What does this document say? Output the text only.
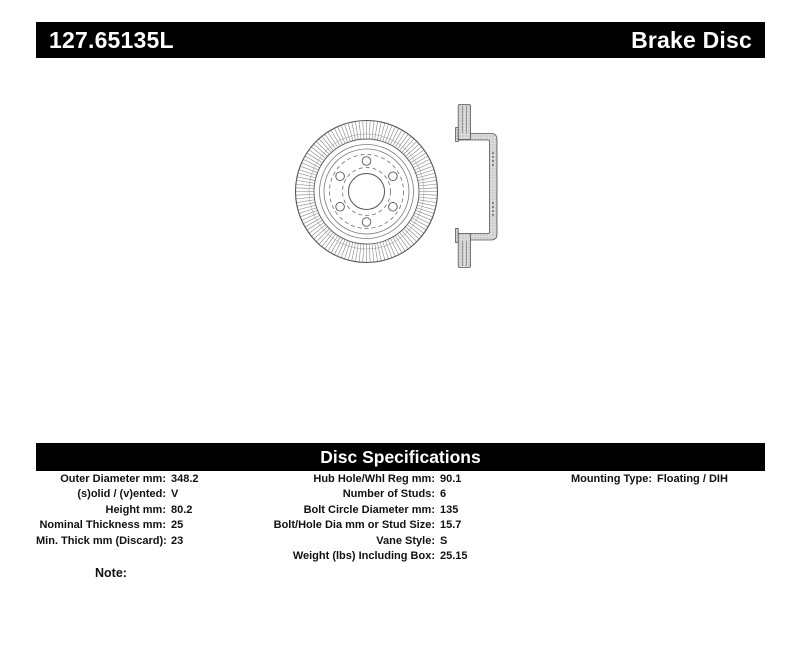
127.65135L	Brake Disc
Disc Specifications
Outer Diameter mm: 348.2
(s)olid / (v)ented: V
Height mm: 80.2
Nominal Thickness mm: 25
Min. Thick mm (Discard): 23
Hub Hole/Whl Reg mm: 90.1
Number of Studs: 6
Bolt Circle Diameter mm: 135
Bolt/Hole Dia mm or Stud Size: 15.7
Vane Style: S
Weight (lbs) Including Box: 25.15
Mounting Type: Floating / DIH
Note:
